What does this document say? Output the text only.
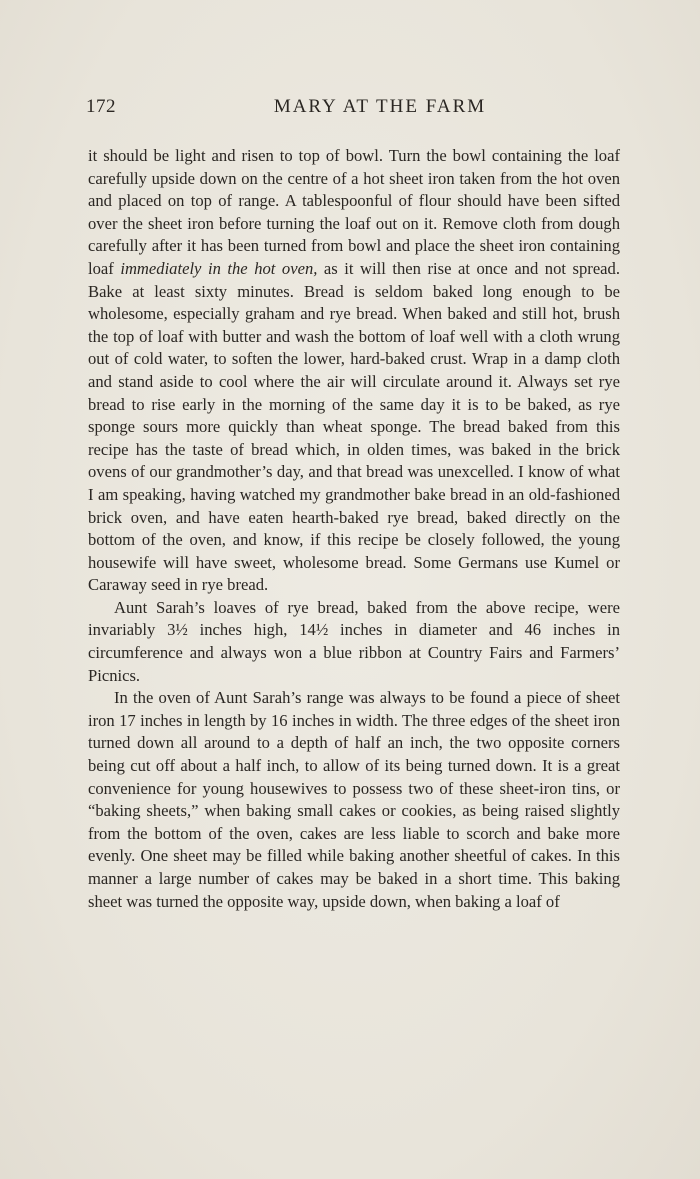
172	MARY AT THE FARM

it should be light and risen to top of bowl. Turn the bowl containing the loaf carefully upside down on the centre of a hot sheet iron taken from the hot oven and placed on top of range. A tablespoonful of flour should have been sifted over the sheet iron before turning the loaf out on it. Remove cloth from dough carefully after it has been turned from bowl and place the sheet iron containing loaf immediately in the hot oven, as it will then rise at once and not spread. Bake at least sixty minutes. Bread is seldom baked long enough to be wholesome, especially graham and rye bread. When baked and still hot, brush the top of loaf with butter and wash the bottom of loaf well with a cloth wrung out of cold water, to soften the lower, hard-baked crust. Wrap in a damp cloth and stand aside to cool where the air will circulate around it. Always set rye bread to rise early in the morning of the same day it is to be baked, as rye sponge sours more quickly than wheat sponge. The bread baked from this recipe has the taste of bread which, in olden times, was baked in the brick ovens of our grandmother’s day, and that bread was unexcelled. I know of what I am speaking, having watched my grandmother bake bread in an old-fashioned brick oven, and have eaten hearth-baked rye bread, baked directly on the bottom of the oven, and know, if this recipe be closely followed, the young housewife will have sweet, wholesome bread. Some Germans use Kumel or Caraway seed in rye bread.

Aunt Sarah’s loaves of rye bread, baked from the above recipe, were invariably 3½ inches high, 14½ inches in diameter and 46 inches in circumference and always won a blue ribbon at Country Fairs and Farmers’ Picnics.

In the oven of Aunt Sarah’s range was always to be found a piece of sheet iron 17 inches in length by 16 inches in width. The three edges of the sheet iron turned down all around to a depth of half an inch, the two opposite corners being cut off about a half inch, to allow of its being turned down. It is a great convenience for young housewives to possess two of these sheet-iron tins, or “baking sheets,” when baking small cakes or cookies, as being raised slightly from the bottom of the oven, cakes are less liable to scorch and bake more evenly. One sheet may be filled while baking another sheetful of cakes. In this manner a large number of cakes may be baked in a short time. This baking sheet was turned the opposite way, upside down, when baking a loaf of
